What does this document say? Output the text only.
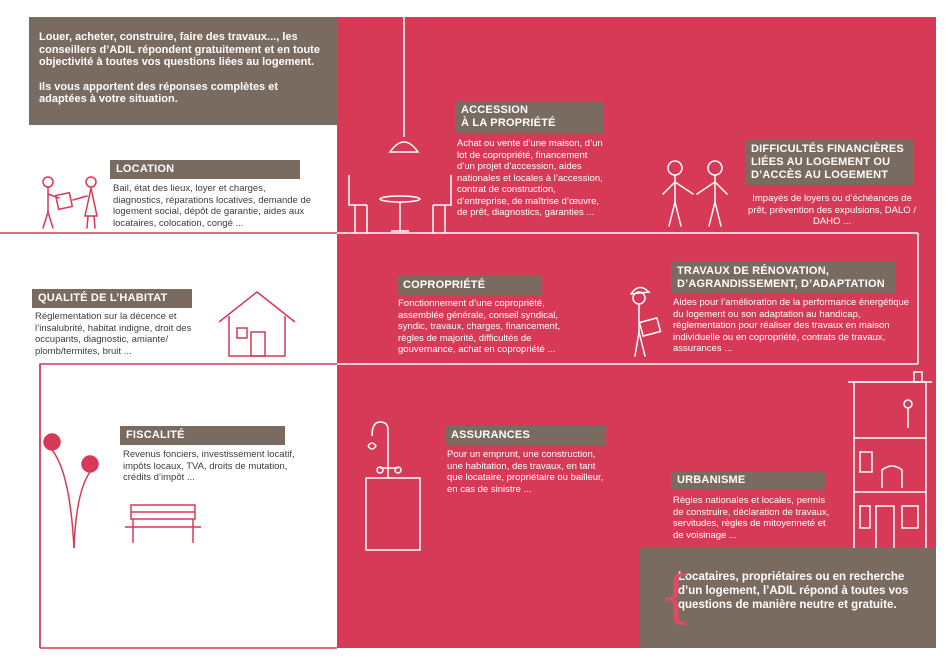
Louer, acheter, construire, faire des travaux..., les conseillers d’ADIL répondent gratuitement et en toute objectivité à toutes vos questions liées au logement.

Ils vous apportent des réponses complètes et adaptées à votre situation.

LOCATION
Bail, état des lieux, loyer et charges, diagnostics, réparations locatives, demande de logement social, dépôt de garantie, aides aux locataires, colocation, congé ...
ACCESSION
À LA PROPRIÉTÉ
Achat ou vente d’une maison, d’un lot de copropriété, financement d’un projet d’accession, aides nationales et locales à l’accession, contrat de construction, d’entreprise, de maîtrise d’œuvre, de prêt, diagnostics, garanties ...
DIFFICULTÉS FINANCIÈRES
LIÉES AU LOGEMENT OU
D’ACCÈS AU LOGEMENT
Impayés de loyers ou d’échéances de prêt, prévention des expulsions, DALO / DAHO ...
QUALITÉ DE L’HABITAT
Réglementation sur la décence et l’insalubrité, habitat indigne, droit des occupants, diagnostic, amiante/ plomb/termites, bruit ...
COPROPRIÉTÉ
Fonctionnement d’une copropriété, assemblée générale, conseil syndical, syndic, travaux, charges, financement, règles de majorité, difficultés de gouvernance, achat en copropriété ...
TRAVAUX DE RÉNOVATION,
D’AGRANDISSEMENT, D’ADAPTATION
Aides pour l’amélioration de la performance énergétique du logement ou son adaptation au handicap, réglementation pour réaliser des travaux en maison individuelle ou en copropriété, contrats de travaux, assurances ...
FISCALITÉ
Revenus fonciers, investissement locatif, impôts locaux, TVA, droits de mutation, crédits d’impôt ...
ASSURANCES
Pour un emprunt, une construction, une habitation, des travaux, en tant que locataire, propriétaire ou bailleur, en cas de sinistre ...
URBANISME
Règles nationales et locales, permis de construire, déclaration de travaux, servitudes, règles de mitoyenneté et de voisinage ...
{
Locataires, propriétaires ou en recherche d’un logement, l’ADIL répond à toutes vos questions de manière neutre et gratuite.
